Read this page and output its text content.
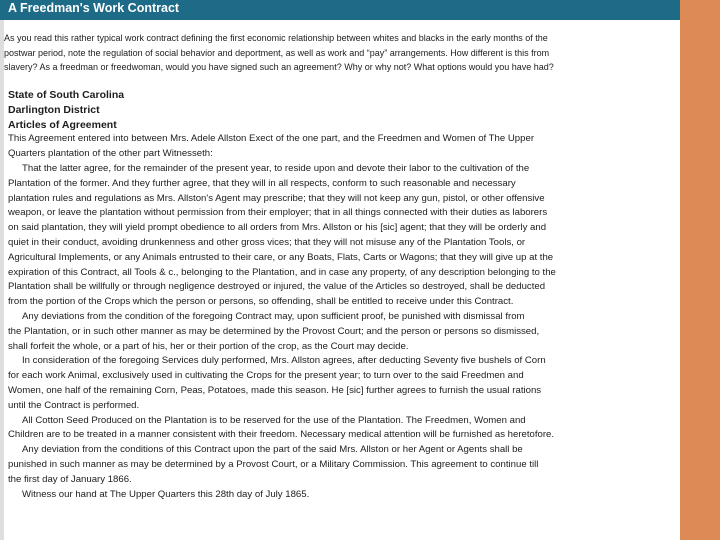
A Freedman's Work Contract
As you read this rather typical work contract defining the first economic relationship between whites and blacks in the early months of the
postwar period, note the regulation of social behavior and deportment, as well as work and “pay” arrangements. How different is this from
slavery? As a freedman or freedwoman, would you have signed such an agreement? Why or why not? What options would you have had?
State of South Carolina
Darlington District
Articles of Agreement
This Agreement entered into between Mrs. Adele Allston Exect of the one part, and the Freedmen and Women of The Upper
Quarters plantation of the other part Witnesseth:
That the latter agree, for the remainder of the present year, to reside upon and devote their labor to the cultivation of the
Plantation of the former. And they further agree, that they will in all respects, conform to such reasonable and necessary
plantation rules and regulations as Mrs. Allston's Agent may prescribe; that they will not keep any gun, pistol, or other offensive
weapon, or leave the plantation without permission from their employer; that in all things connected with their duties as laborers
on said plantation, they will yield prompt obedience to all orders from Mrs. Allston or his [sic] agent; that they will be orderly and
quiet in their conduct, avoiding drunkenness and other gross vices; that they will not misuse any of the Plantation Tools, or
Agricultural Implements, or any Animals entrusted to their care, or any Boats, Flats, Carts or Wagons; that they will give up at the
expiration of this Contract, all Tools & c., belonging to the Plantation, and in case any property, of any description belonging to the
Plantation shall be willfully or through negligence destroyed or injured, the value of the Articles so destroyed, shall be deducted
from the portion of the Crops which the person or persons, so offending, shall be entitled to receive under this Contract.
Any deviations from the condition of the foregoing Contract may, upon sufficient proof, be punished with dismissal from
the Plantation, or in such other manner as may be determined by the Provost Court; and the person or persons so dismissed,
shall forfeit the whole, or a part of his, her or their portion of the crop, as the Court may decide.
In consideration of the foregoing Services duly performed, Mrs. Allston agrees, after deducting Seventy five bushels of Corn
for each work Animal, exclusively used in cultivating the Crops for the present year; to turn over to the said Freedmen and
Women, one half of the remaining Corn, Peas, Potatoes, made this season. He [sic] further agrees to furnish the usual rations
until the Contract is performed.
All Cotton Seed Produced on the Plantation is to be reserved for the use of the Plantation. The Freedmen, Women and
Children are to be treated in a manner consistent with their freedom. Necessary medical attention will be furnished as heretofore.
Any deviation from the conditions of this Contract upon the part of the said Mrs. Allston or her Agent or Agents shall be
punished in such manner as may be determined by a Provost Court, or a Military Commission. This agreement to continue till
the first day of January 1866.
Witness our hand at The Upper Quarters this 28th day of July 1865.
